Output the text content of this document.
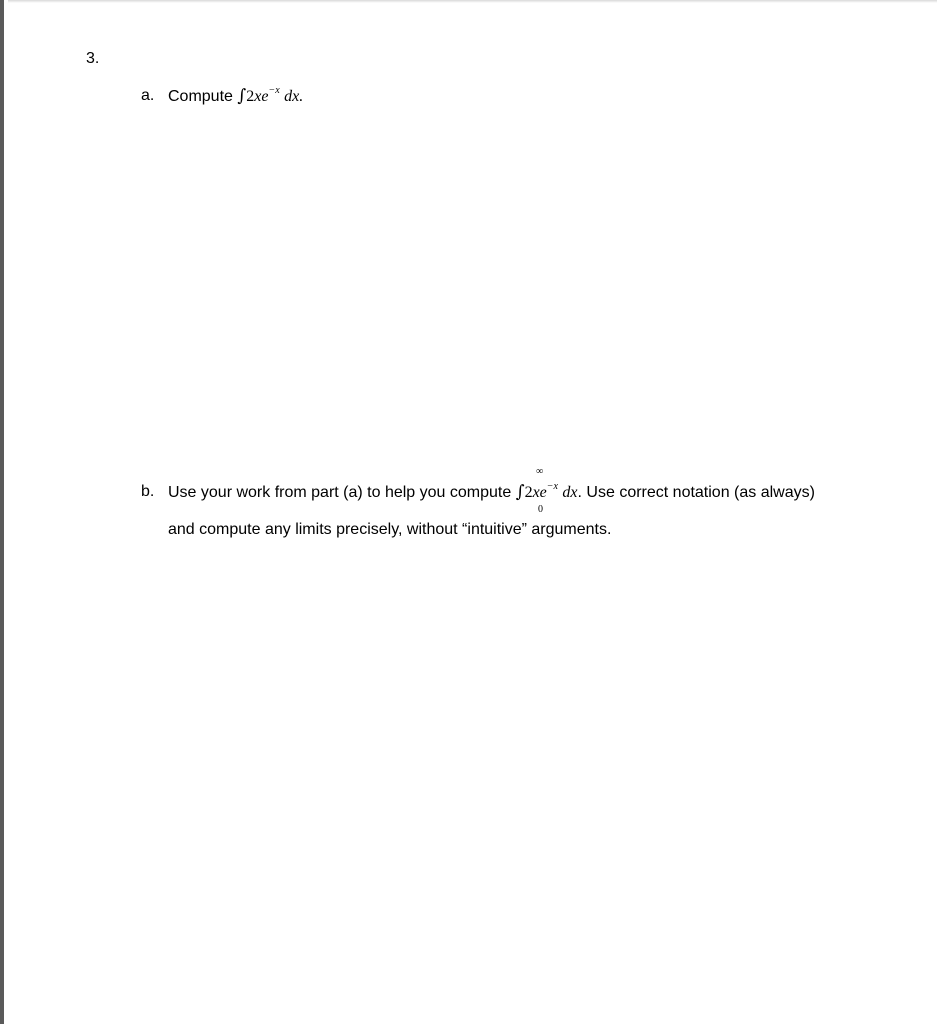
3.
a. Compute $\int 2xe^{-x}$ dx.
b. Use your work from part (a) to help you compute $\int 2xe^{-x}$ dx. Use correct notation (as always)
∞
0
and compute any limits precisely, without “intuitive” arguments.
